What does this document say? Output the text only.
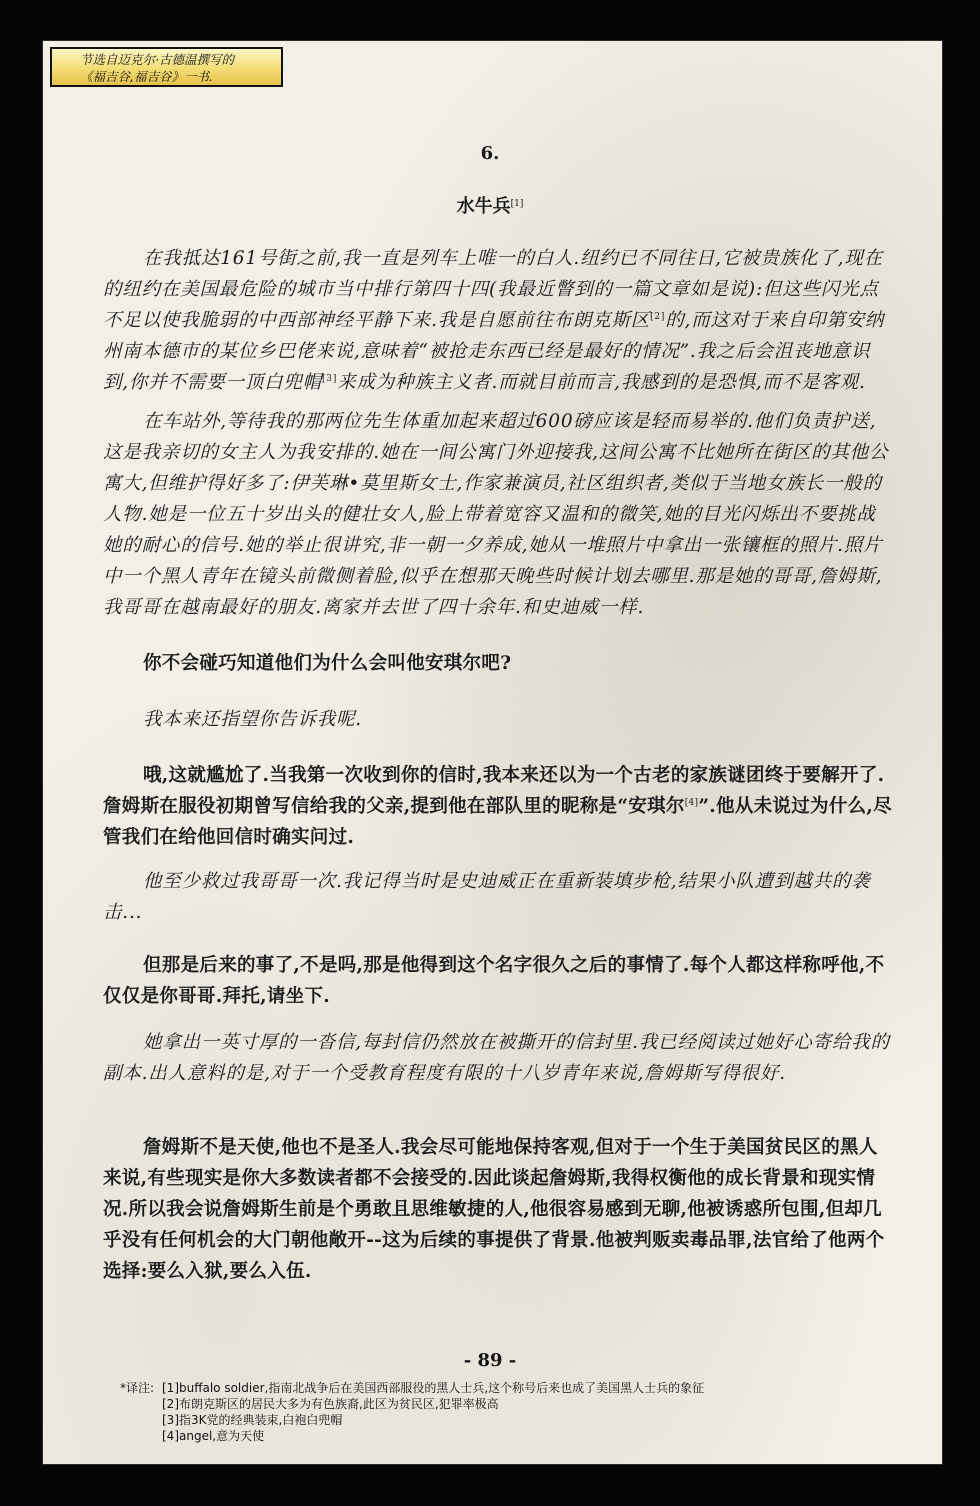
节选自迈克尔·古德温撰写的
《福吉谷,福吉谷》一书.
6.
水牛兵[1]

在我抵达161号街之前,我一直是列车上唯一的白人.纽约已不同往日,它被贵族化了,现在的纽约在美国最危险的城市当中排行第四十四(我最近瞥到的一篇文章如是说):但这些闪光点不足以使我脆弱的中西部神经平静下来.我是自愿前往布朗克斯区[2]的,而这对于来自印第安纳州南本德市的某位乡巴佬来说,意味着“被抢走东西已经是最好的情况”.我之后会沮丧地意识到,你并不需要一顶白兜帽[3]来成为种族主义者.而就目前而言,我感到的是恐惧,而不是客观.

在车站外,等待我的那两位先生体重加起来超过600磅应该是轻而易举的.他们负责护送,这是我亲切的女主人为我安排的.她在一间公寓门外迎接我,这间公寓不比她所在街区的其他公寓大,但维护得好多了:伊芙琳•莫里斯女士,作家兼演员,社区组织者,类似于当地女族长一般的人物.她是一位五十岁出头的健壮女人,脸上带着宽容又温和的微笑,她的目光闪烁出不要挑战她的耐心的信号.她的举止很讲究,非一朝一夕养成,她从一堆照片中拿出一张镶框的照片.照片中一个黑人青年在镜头前微侧着脸,似乎在想那天晚些时候计划去哪里.那是她的哥哥,詹姆斯,我哥哥在越南最好的朋友.离家并去世了四十余年.和史迪威一样.

你不会碰巧知道他们为什么会叫他安琪尔吧?

我本来还指望你告诉我呢.

哦,这就尴尬了.当我第一次收到你的信时,我本来还以为一个古老的家族谜团终于要解开了.詹姆斯在服役初期曾写信给我的父亲,提到他在部队里的昵称是“安琪尔[4]”.他从未说过为什么,尽管我们在给他回信时确实问过.

他至少救过我哥哥一次.我记得当时是史迪威正在重新装填步枪,结果小队遭到越共的袭击...

但那是后来的事了,不是吗,那是他得到这个名字很久之后的事情了.每个人都这样称呼他,不仅仅是你哥哥.拜托,请坐下.

她拿出一英寸厚的一沓信,每封信仍然放在被撕开的信封里.我已经阅读过她好心寄给我的副本.出人意料的是,对于一个受教育程度有限的十八岁青年来说,詹姆斯写得很好.

詹姆斯不是天使,他也不是圣人.我会尽可能地保持客观,但对于一个生于美国贫民区的黑人来说,有些现实是你大多数读者都不会接受的.因此谈起詹姆斯,我得权衡他的成长背景和现实情况.所以我会说詹姆斯生前是个勇敢且思维敏捷的人,他很容易感到无聊,他被诱惑所包围,但却几乎没有任何机会的大门朝他敞开--这为后续的事提供了背景.他被判贩卖毒品罪,法官给了他两个选择:要么入狱,要么入伍.

- 89 -
*译注: [1]buffalo soldier,指南北战争后在美国西部服役的黑人士兵,这个称号后来也成了美国黑人士兵的象征
[2]布朗克斯区的居民大多为有色族裔,此区为贫民区,犯罪率极高
[3]指3K党的经典装束,白袍白兜帽
[4]angel,意为天使
